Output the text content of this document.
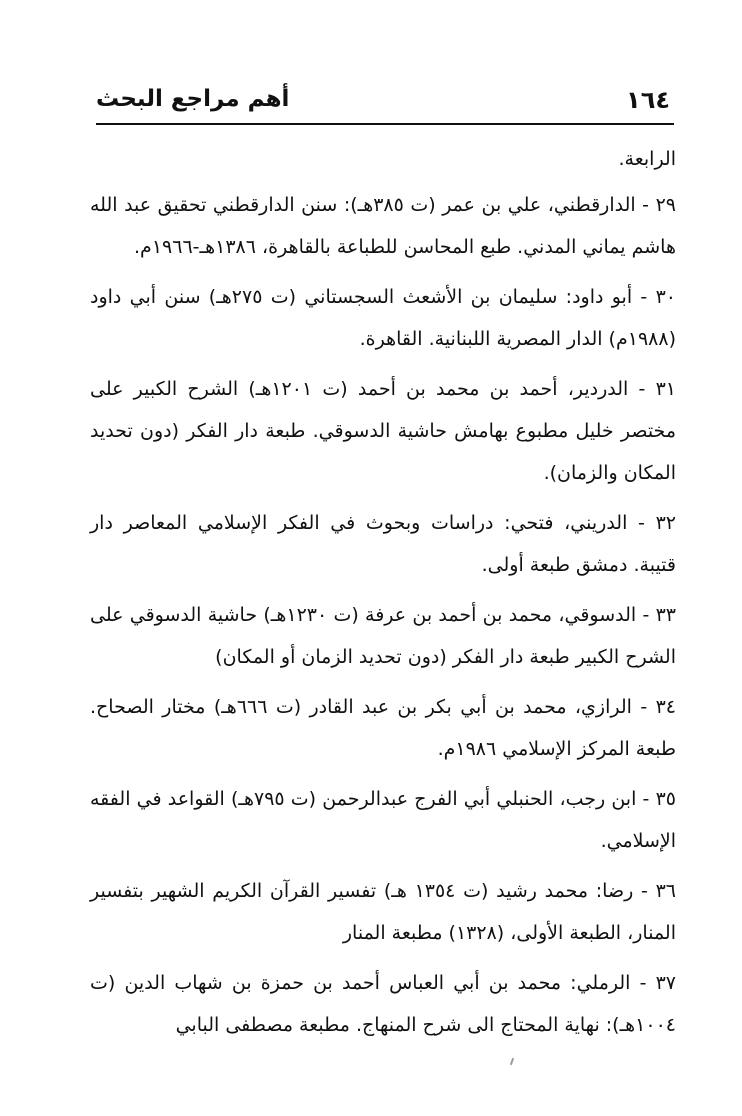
١٦٤
أهم مراجع البحث

الرابعة.

٢٩ - الدارقطني، علي بن عمر (ت ٣٨٥هـ): سنن الدارقطني تحقيق عبد الله هاشم يماني المدني. طبع المحاسن للطباعة بالقاهرة، ١٣٨٦هـ-١٩٦٦م.

٣٠ - أبو داود: سليمان بن الأشعث السجستاني (ت ٢٧٥هـ) سنن أبي داود (١٩٨٨م) الدار المصرية اللبنانية. القاهرة.

٣١ - الدردير، أحمد بن محمد بن أحمد (ت ١٢٠١هـ) الشرح الكبير على مختصر خليل مطبوع بهامش حاشية الدسوقي. طبعة دار الفكر (دون تحديد المكان والزمان).

٣٢ - الدريني، فتحي: دراسات وبحوث في الفكر الإسلامي المعاصر دار قتيبة. دمشق طبعة أولى.

٣٣ - الدسوقي، محمد بن أحمد بن عرفة (ت ١٢٣٠هـ) حاشية الدسوقي على الشرح الكبير طبعة دار الفكر (دون تحديد الزمان أو المكان)

٣٤ - الرازي، محمد بن أبي بكر بن عبد القادر (ت ٦٦٦هـ) مختار الصحاح. طبعة المركز الإسلامي ١٩٨٦م.

٣٥ - ابن رجب، الحنبلي أبي الفرج عبدالرحمن (ت ٧٩٥هـ) القواعد في الفقه الإسلامي.

٣٦ - رضا: محمد رشيد (ت ١٣٥٤ هـ) تفسير القرآن الكريم الشهير بتفسير المنار، الطبعة الأولى، (١٣٢٨) مطبعة المنار

٣٧ - الرملي: محمد بن أبي العباس أحمد بن حمزة بن شهاب الدين (ت ١٠٠٤هـ): نهاية المحتاج الى شرح المنهاج. مطبعة مصطفى البابي
